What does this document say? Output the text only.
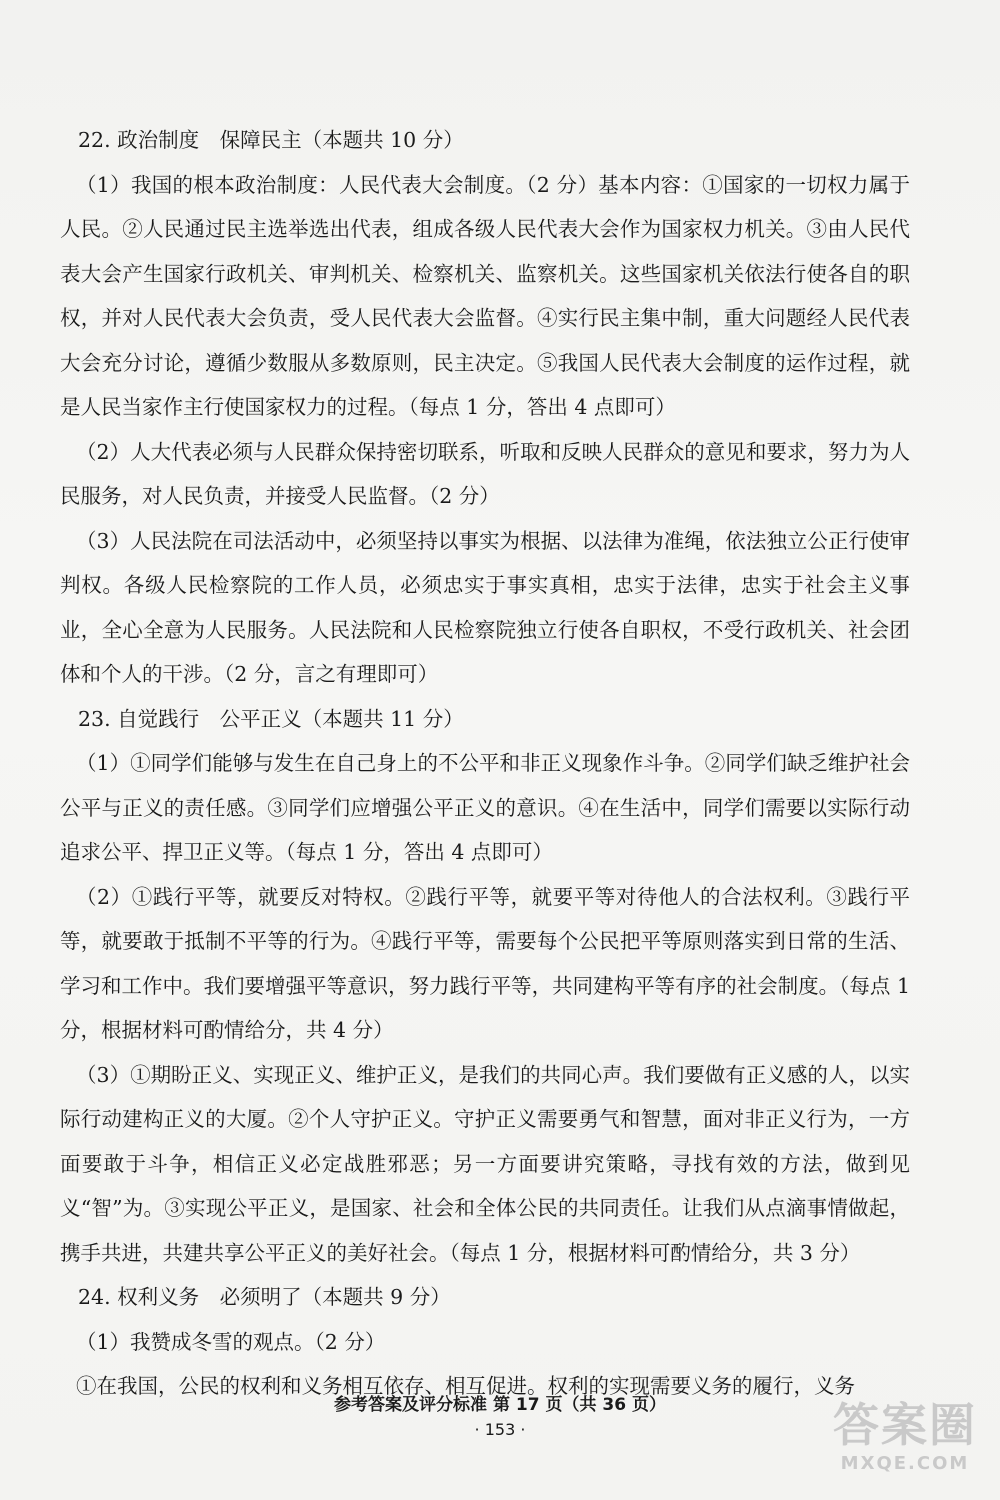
22. 政治制度　保障民主（本题共 10 分）

（1）我国的根本政治制度：人民代表大会制度。（2 分）基本内容：①国家的一切权力属于人民。②人民通过民主选举选出代表，组成各级人民代表大会作为国家权力机关。③由人民代表大会产生国家行政机关、审判机关、检察机关、监察机关。这些国家机关依法行使各自的职权，并对人民代表大会负责，受人民代表大会监督。④实行民主集中制，重大问题经人民代表大会充分讨论，遵循少数服从多数原则，民主决定。⑤我国人民代表大会制度的运作过程，就是人民当家作主行使国家权力的过程。（每点 1 分，答出 4 点即可）

（2）人大代表必须与人民群众保持密切联系，听取和反映人民群众的意见和要求，努力为人民服务，对人民负责，并接受人民监督。（2 分）

（3）人民法院在司法活动中，必须坚持以事实为根据、以法律为准绳，依法独立公正行使审判权。各级人民检察院的工作人员，必须忠实于事实真相，忠实于法律，忠实于社会主义事业，全心全意为人民服务。人民法院和人民检察院独立行使各自职权，不受行政机关、社会团体和个人的干涉。（2 分，言之有理即可）

23. 自觉践行　公平正义（本题共 11 分）

（1）①同学们能够与发生在自己身上的不公平和非正义现象作斗争。②同学们缺乏维护社会公平与正义的责任感。③同学们应增强公平正义的意识。④在生活中，同学们需要以实际行动追求公平、捍卫正义等。（每点 1 分，答出 4 点即可）

（2）①践行平等，就要反对特权。②践行平等，就要平等对待他人的合法权利。③践行平等，就要敢于抵制不平等的行为。④践行平等，需要每个公民把平等原则落实到日常的生活、学习和工作中。我们要增强平等意识，努力践行平等，共同建构平等有序的社会制度。（每点 1 分，根据材料可酌情给分，共 4 分）

（3）①期盼正义、实现正义、维护正义，是我们的共同心声。我们要做有正义感的人，以实际行动建构正义的大厦。②个人守护正义。守护正义需要勇气和智慧，面对非正义行为，一方面要敢于斗争，相信正义必定战胜邪恶；另一方面要讲究策略，寻找有效的方法，做到见义“智”为。③实现公平正义，是国家、社会和全体公民的共同责任。让我们从点滴事情做起，携手共进，共建共享公平正义的美好社会。（每点 1 分，根据材料可酌情给分，共 3 分）

24. 权利义务　必须明了（本题共 9 分）

（1）我赞成冬雪的观点。（2 分）

①在我国，公民的权利和义务相互依存、相互促进。权利的实现需要义务的履行，义务

参考答案及评分标准 第 17 页（共 36 页）
· 153 ·	答案圈
MXQE.COM
